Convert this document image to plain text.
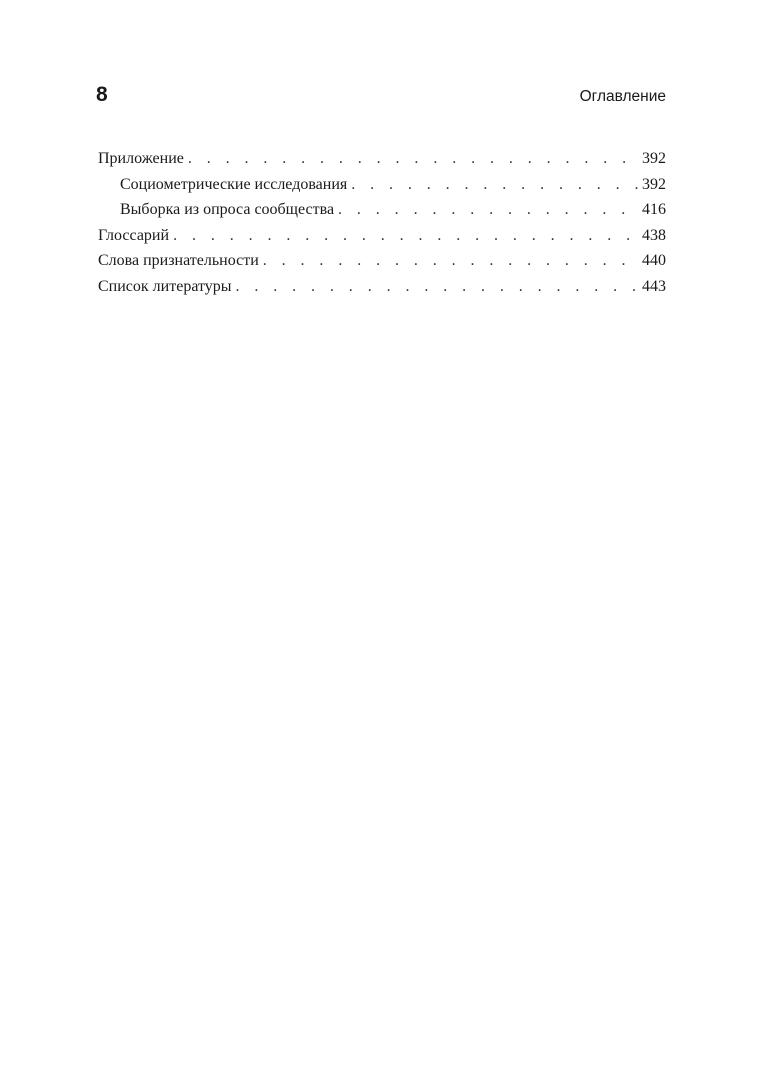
8	Оглавление
Приложение . . .	392
Социометрические исследования . . .	392
Выборка из опроса сообщества . . .	416
Глоссарий . . .	438
Слова признательности . . .	440
Список литературы . . .	443
